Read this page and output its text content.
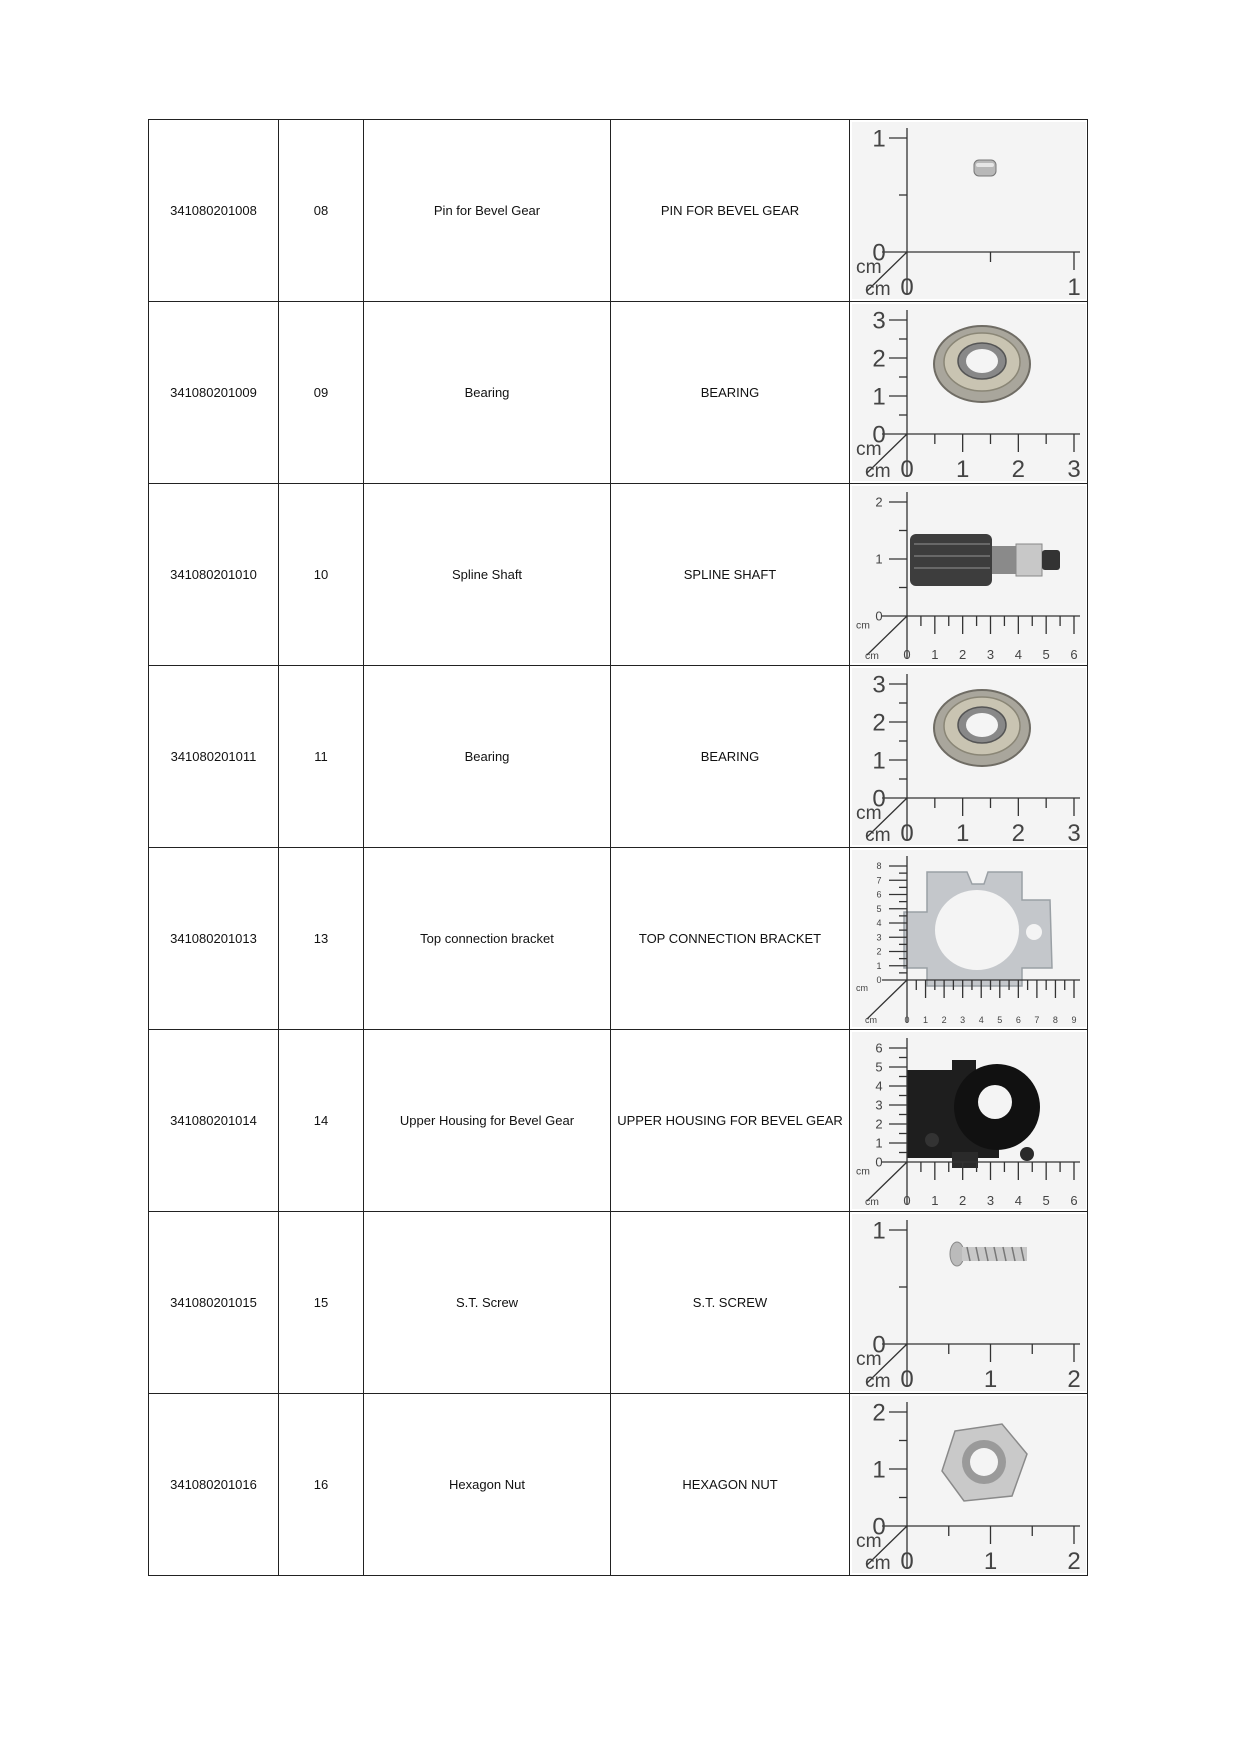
341080201008	08	Pin for Bevel Gear	PIN FOR BEVEL GEAR	
0
1
0	1
cm
cm

341080201009	09	Bearing	BEARING	
0
1
2
3
0 1 2 3
cm
cm

341080201010	10	Spline Shaft	SPLINE SHAFT	
0
1
2
0 1 2 3 4 5 6
cm
cm

341080201011	11	Bearing	BEARING	
0
1
2
3
0 1 2 3
cm
cm

341080201013	13	Top connection bracket	TOP CONNECTION BRACKET	
0
1
2
3
4
5
6
7
8
0 1 2 3 4 5 6 7 8 9
cm
cm

341080201014	14	Upper Housing for Bevel Gear	UPPER HOUSING FOR BEVEL GEAR	
0
1
2
3
4
5
6
0 1 2 3 4 5 6
cm
cm

341080201015	15	S.T. Screw	S.T. SCREW	
0
1
0	1	2
cm
cm

341080201016	16	Hexagon Nut	HEXAGON NUT	
0
1
2
0	1	2
cm
cm
